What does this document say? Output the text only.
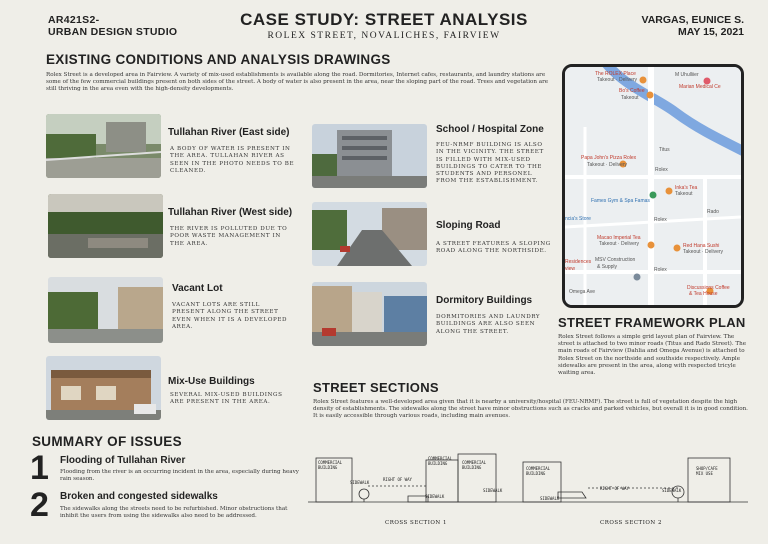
AR421S2-
URBAN DESIGN STUDIO
CASE STUDY: STREET ANALYSIS
ROLEX STREET, NOVALICHES, FAIRVIEW
VARGAS, EUNICE S.
MAY 15, 2021
EXISTING CONDITIONS AND ANALYSIS DRAWINGS
Rolex Street is a developed area in Fairview. A variety of mix-used establishments is available along the road. Dormitories, Internet cafes, restaurants, and laundry stations are some of the few commercial buildings present on both sides of the street. A body of water is also present in the area, near the sloping part of the road. Trees and vegetation are still thriving in the area even with the high-density developments.
Tullahan River (East side)
A BODY OF WATER IS PRESENT IN THE AREA. TULLAHAN RIVER AS SEEN IN THE PHOTO NEEDS TO BE CLEANED.
Tullahan River (West side)
THE RIVER IS POLLUTED DUE TO POOR WASTE MANAGEMENT IN THE AREA.
Vacant Lot
VACANT LOTS ARE STILL PRESENT ALONG THE STREET EVEN WHEN IT IS A DEVELOPED AREA.
Mix-Use Buildings
SEVERAL MIX-USED BUILDINGS ARE PRESENT IN THE AREA.
School / Hospital Zone
FEU-NRMF BUILDING IS ALSO IN THE VICINITY. THE STREET IS FILLED WITH MIX-USED BUILDINGS TO CATER TO THE STUDENTS AND PERSONEL FROM THE ESTABLISHMENT.
Sloping Road
A STREET FEATURES A SLOPING ROAD ALONG THE NORTHSIDE.
Dormitory Buildings
DORMITORIES AND LAUNDRY BUILDINGS ARE ALSO SEEN ALONG THE STREET.
The ROLEX Place
Takeout · Delivery
Bo's Coffee
Takeout
M Uhulliier
Marian Medical Ce
Titus
Papa John's Pizza Rolex
Takeout · Delivery
Rolex
Fames Gym & Spa Famas
Inka's Tea
Takeout
Rado
Macao Imperial Tea
Takeout · Delivery	Red Hana Sushi
Takeout · Delivery
Residences MSV Construction
& Supply
Omega Ave
Discussions Coffee
& Tea House
Rolex
Rolex
ncia's Store
view
STREET FRAMEWORK PLAN
Rolex Street follows a simple grid layout plan of Fairview. The street is attached to two minor roads (Titus and Rado Street). The main roads of Fairview (Dahlia and Omega Avenue) is attached to Rolex Street on the northside and southside respectively. Ample sidewalks are present in the area, along with respected tricyle waiting area.
STREET SECTIONS
Rolex Street features a well-developed area given that it is nearby a university/hospital (FEU-NRMF). The street is full of vegetation despite the high density of establishments. The sidewalks along the street have minor obstructions such as cracks and parked vehicles, but overall it is in good condition. It is easily accessible through various roads, including main avenues.
COMMERCIAL BUILDING
SIDEWALK
RIGHT OF WAY
SIDEWALK
COMMERCIAL BUILDING	COMMERCIAL BUILDING
SIDEWALK
SIDEWALK
COMMERCIAL BUILDING
RIGHT OF WAY	SIDEWALK
SHOP/CAFE MIX USE
CROSS SECTION 1	CROSS SECTION 2
SUMMARY OF ISSUES
1 Flooding of Tullahan River
Flooding from the river is an occurring incident in the area, especially during heavy rain season.
2 Broken and congested sidewalks
The sidewalks along the streets need to be refurbished. Minor obstructions that inhibit the users from using the sidewalks also need to be addressed.
